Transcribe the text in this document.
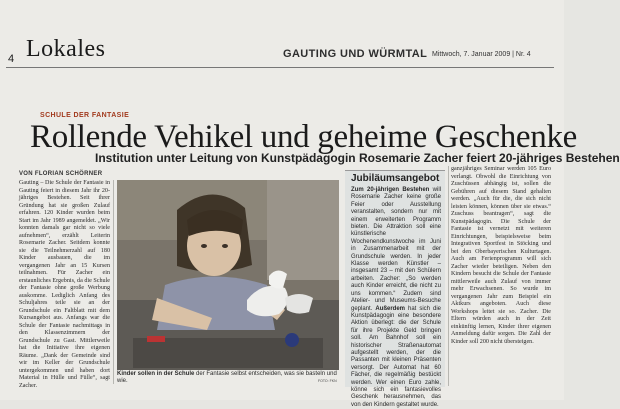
4 Lokales	GAUTING UND WÜRMTAL Mittwoch, 7. Januar 2009 | Nr. 4
SCHULE DER FANTASIE
Rollende Vehikel und geheime Geschenke
Institution unter Leitung von Kunstpädagogin Rosemarie Zacher feiert 20-jähriges Bestehen
VON FLORIAN SCHÖRNER
Gauting – Die Schule der Fantasie in Gauting feiert in diesem Jahr ihr 20-jähriges Bestehen. Seit ihrer Gründung hat sie großen Zulauf erfahren. 120 Kinder wurden beim Start im Jahr 1989 angemeldet. „Wir konnten damals gar nicht so viele aufnehmen“, erzählt Leiterin Rosemarie Zacher. Seitdem konnte sie die Teilnehmerzahl auf 180 Kinder ausbauen, die im vergangenen Jahr an 15 Kursen teilnahmen. Für Zacher ein erstaunliches Ergebnis, da die Schule der Fantasie ohne große Werbung auskomme. Lediglich Anfang des Schuljahres teile sie an der Grundschule ein Faltblatt mit dem Kursangebot aus. Anfangs war die Schule der Fantasie nachmittags in den Klassenzimmern der Grundschule zu Gast. Mittlerweile hat die Initiative ihre eigenen Räume. „Dank der Gemeinde sind wir im Keller der Grundschule untergekommen und haben dort Material in Hülle und Fülle“, sagt Zacher.
Kinder sollen in der Schule der Fantasie selbst entscheiden, was sie basteln und wie.	FOTO: FKN
Jubiläumsangebot
Zum 20-jährigen Bestehen will Rosemarie Zacher keine große Feier oder Ausstellung veranstalten, sondern nur mit einem erweiterten Programm bieten. Die Attraktion soll eine künstlerische Wochenendkunstwoche im Juni in Zusammenarbeit mit der Grundschule werden. In jeder Klasse werden Künstler – insgesamt 23 – mit den Schülern arbeiten. Zacher: „So werden auch Kinder erreicht, die nicht zu uns kommen.“ Zudem sind Atelier- und Museums-Besuche geplant. Außerdem hat sich die Kunstpädagogin eine besondere Aktion überlegt: die der Schule für ihre Projekte Geld bringen soll. Am Bahnhof soll ein historischer Straßenautomat aufgestellt werden, der die Passanten mit kleinen Präsenten versorgt. Der Automat hat 60 Fächer, die regelmäßig bestückt werden. Wer einen Euro zahle, könne sich ein fantasievolles Geschenk herausnehmen, das von den Kindern gestaltet wurde.
ganzjähriges Seminar werden 105 Euro verlangt. Obwohl die Einrichtung von Zuschüssen abhängig ist, sollen die Gebühren auf diesem Stand gehalten werden. „Auch für die, die sich nicht leisten können, können über sie etwas.“ Zuschuss beantragen“, sagt die Kunstpädagogin. Die Schule der Fantasie ist vernetzt mit weiteren Einrichtungen, beispielsweise beim Integrativen Sportfest in Stöcking und bei den Oberbayerischen Kulturtagen. Auch am Ferienprogramm will sich Zacher wieder beteiligen. Neben den Kindern besucht die Schule der Fantasie mittlerweile auch Zulauf von immer mehr Erwachsenen. So wurde im vergangenen Jahr zum Beispiel ein Aktkurs angeboten. Auch diese Workshops leitet sie so. Zacher. Die Eltern würden auch in der Zeit einkünftig lernen, Kinder ihrer eigenen Anmeldung dafür sorgen. Die Zahl der Kinder soll 200 nicht übersteigen.
